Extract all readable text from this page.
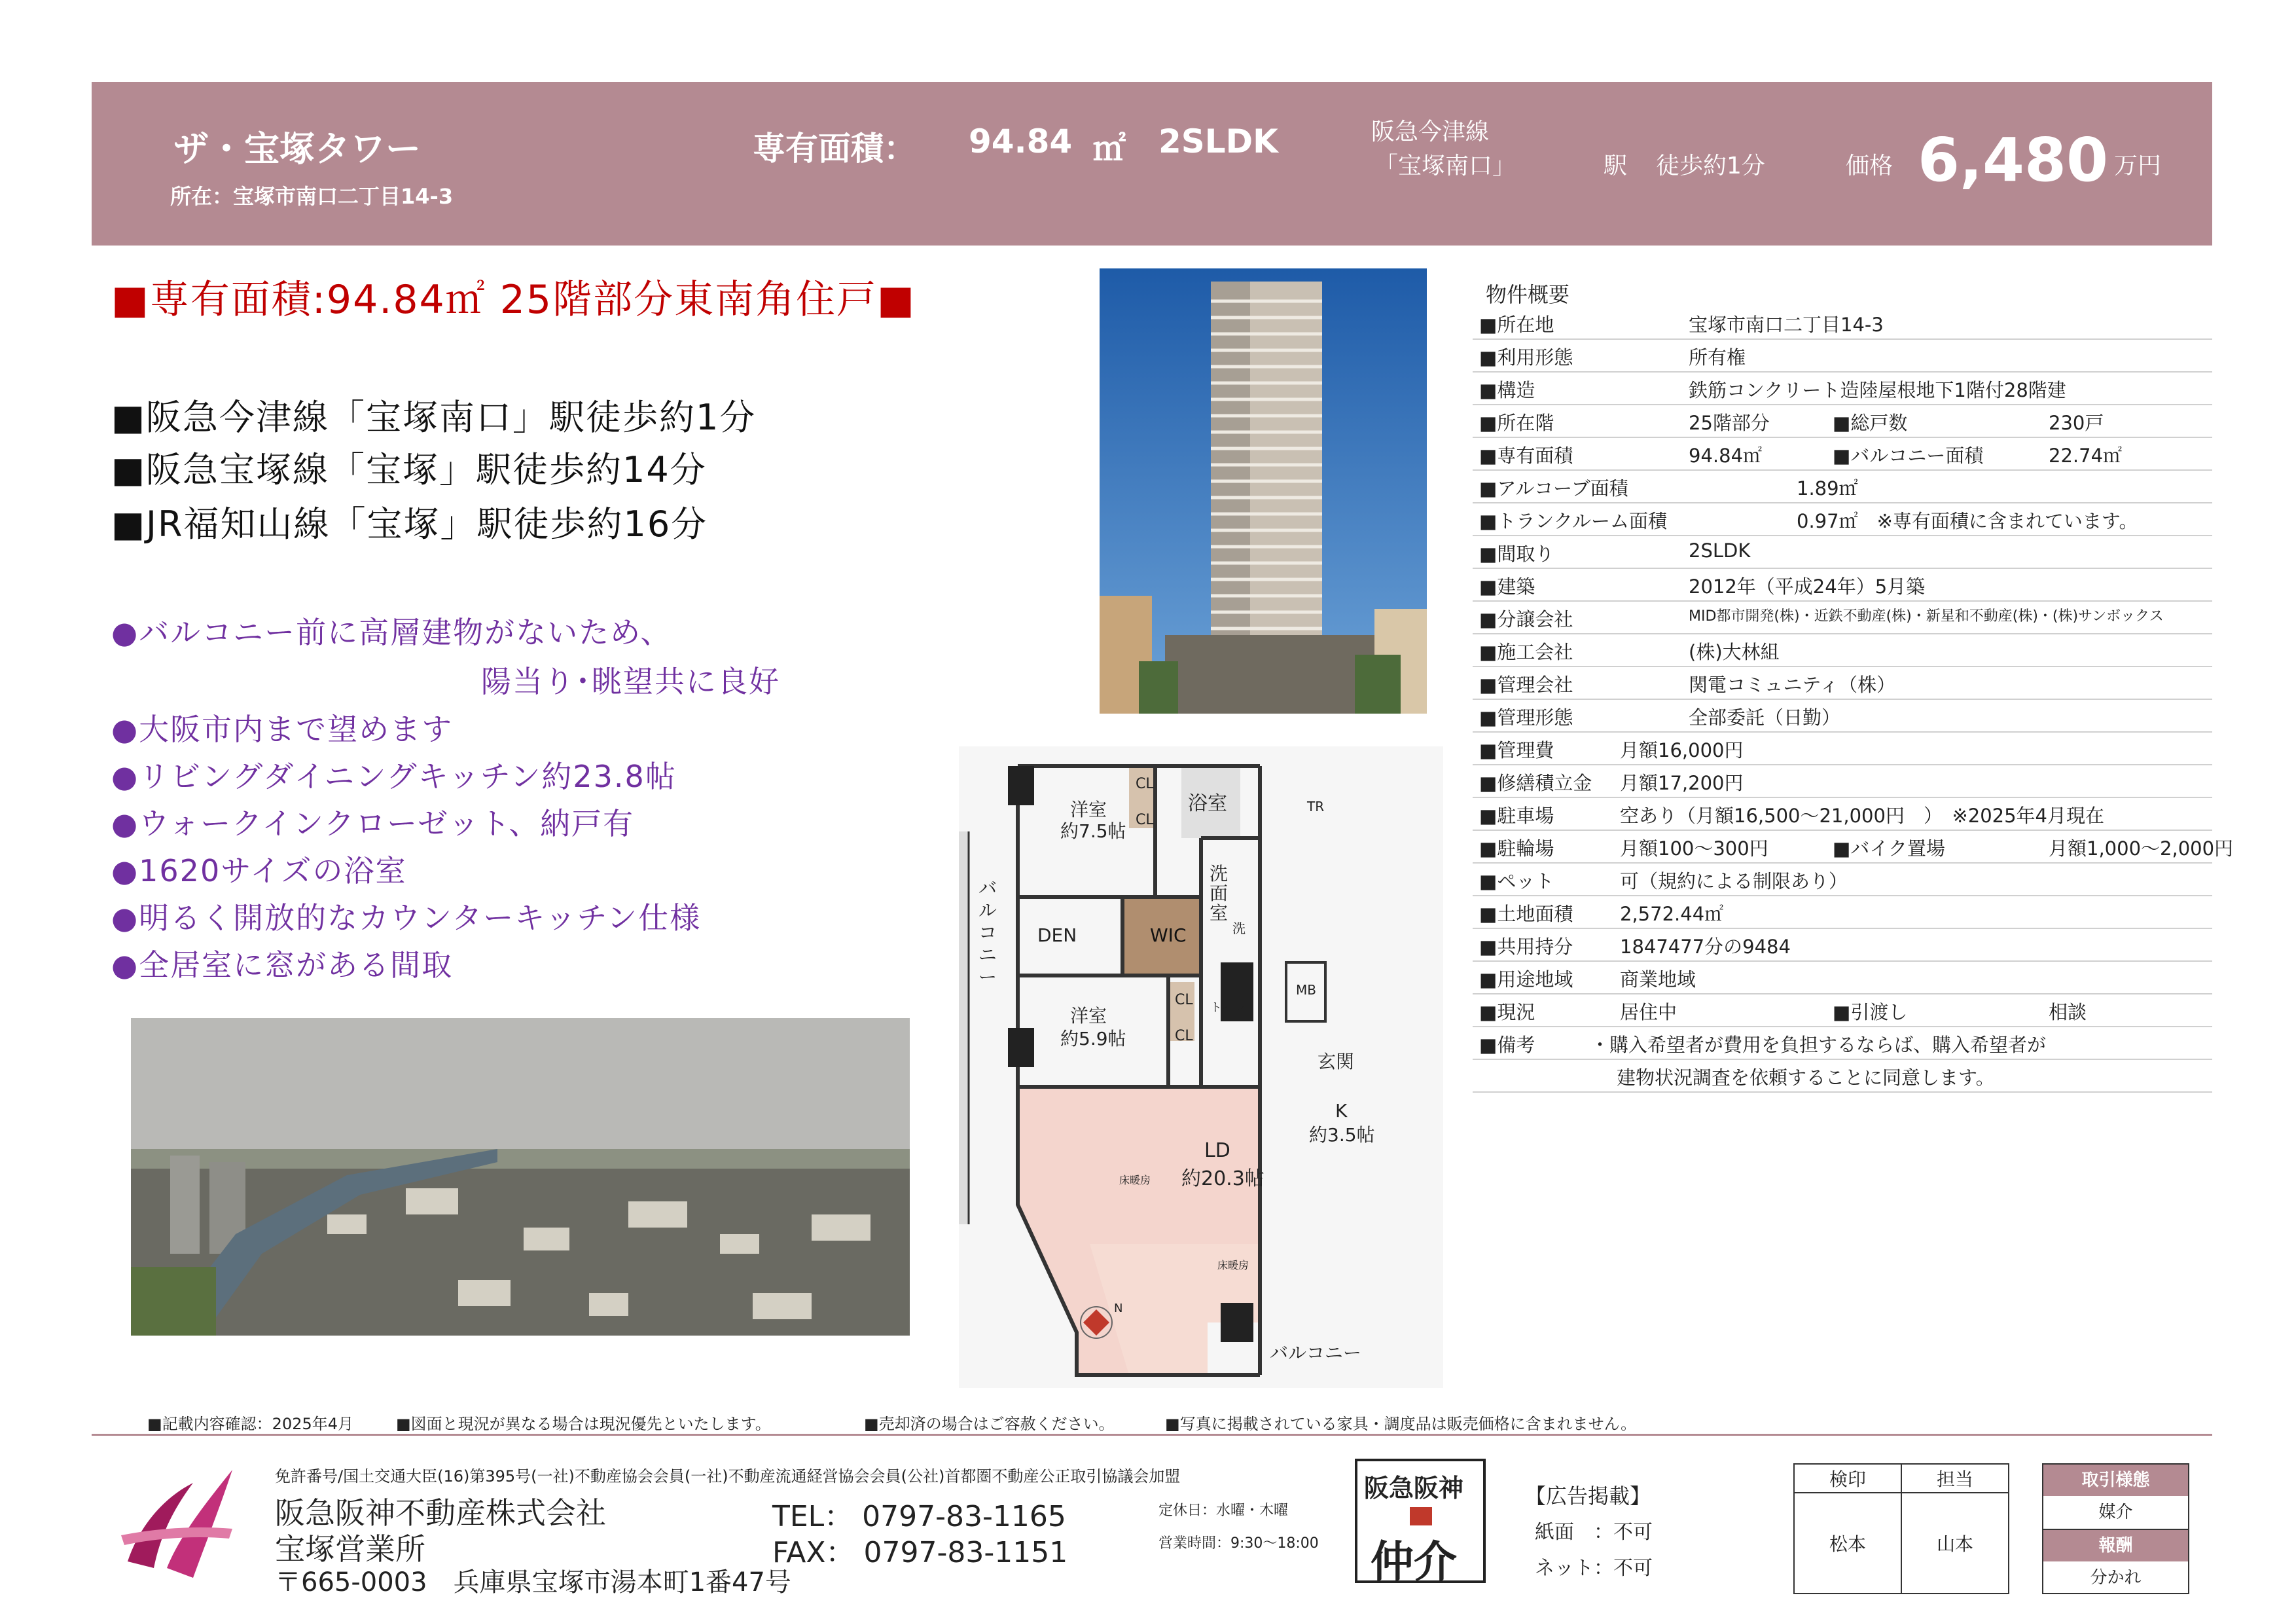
ザ・宝塚タワー
所在：宝塚市南口二丁目14-3
専有面積： 94.84 ㎡ 2SLDK	阪急今津線
「宝塚南口」	駅 徒歩約1分	価格 6,480 万円
■専有面積:94.84㎡ 25階部分東南角住戸■
■阪急今津線「宝塚南口」駅徒歩約1分
■阪急宝塚線「宝塚」駅徒歩約14分
■JR福知山線「宝塚」駅徒歩約16分
●バルコニー前に高層建物がないため、
陽当り･眺望共に良好
●大阪市内まで望めます
●リビングダイニングキッチン約23.8帖
●ウォークインクローゼット、納戸有
●1620サイズの浴室
●明るく開放的なカウンターキッチン仕様
●全居室に窓がある間取
洋室
約7.5帖
CL
CL
浴室	TR
洗
面
室
DEN	WIC	洗
トイレ
MB
洋室
約5.9帖
CL
CL
玄関
K
約3.5帖
LD
約20.3帖
床暖房
床暖房
バルコニー
バルコニー
N
物件概要
■所在地	宝塚市南口二丁目14-3
■利用形態	所有権
■構造	鉄筋コンクリート造陸屋根地下1階付28階建
■所在階	25階部分	■総戸数	230戸
■専有面積	94.84㎡	■バルコニー面積	22.74㎡
■アルコーブ面積	1.89㎡
■トランクルーム面積	0.97㎡　※専有面積に含まれています。
■間取り	2SLDK
■建築	2012年（平成24年）5月築
■分譲会社	MID都市開発(株)・近鉄不動産(株)・新星和不動産(株)・(株)サンボックス
■施工会社	(株)大林組
■管理会社	関電コミュニティ（株）
■管理形態	全部委託（日勤）
■管理費	月額16,000円
■修繕積立金 月額17,200円
■駐車場	空あり（月額16,500～21,000円　）　※2025年4月現在
■駐輪場	月額100～300円	■バイク置場	月額1,000～2,000円
■ペット	可（規約による制限あり）
■土地面積 2,572.44㎡
■共用持分 1847477分の9484
■用途地域 商業地域
■現況	居住中	■引渡し	相談
■備考	・購入希望者が費用を負担するならば、購入希望者が
建物状況調査を依頼することに同意します。
■記載内容確認：2025年4月	■図面と現況が異なる場合は現況優先といたします。	■売却済の場合はご容赦ください。	■写真に掲載されている家具・調度品は販売価格に含まれません。
免許番号/国土交通大臣(16)第395号(一社)不動産協会会員(一社)不動産流通経営協会会員(公社)首都圏不動産公正取引協議会加盟
阪急阪神不動産株式会社
宝塚営業所
〒665-0003　兵庫県宝塚市湯本町1番47号
TEL： 0797-83-1165
FAX： 0797-83-1151
定休日：水曜・木曜
営業時間：9:30～18:00
阪急阪神
仲介
【広告掲載】
紙面　：不可
ネット：不可
検印	担当
松本	山本
取引様態
媒介
報酬
分かれ
